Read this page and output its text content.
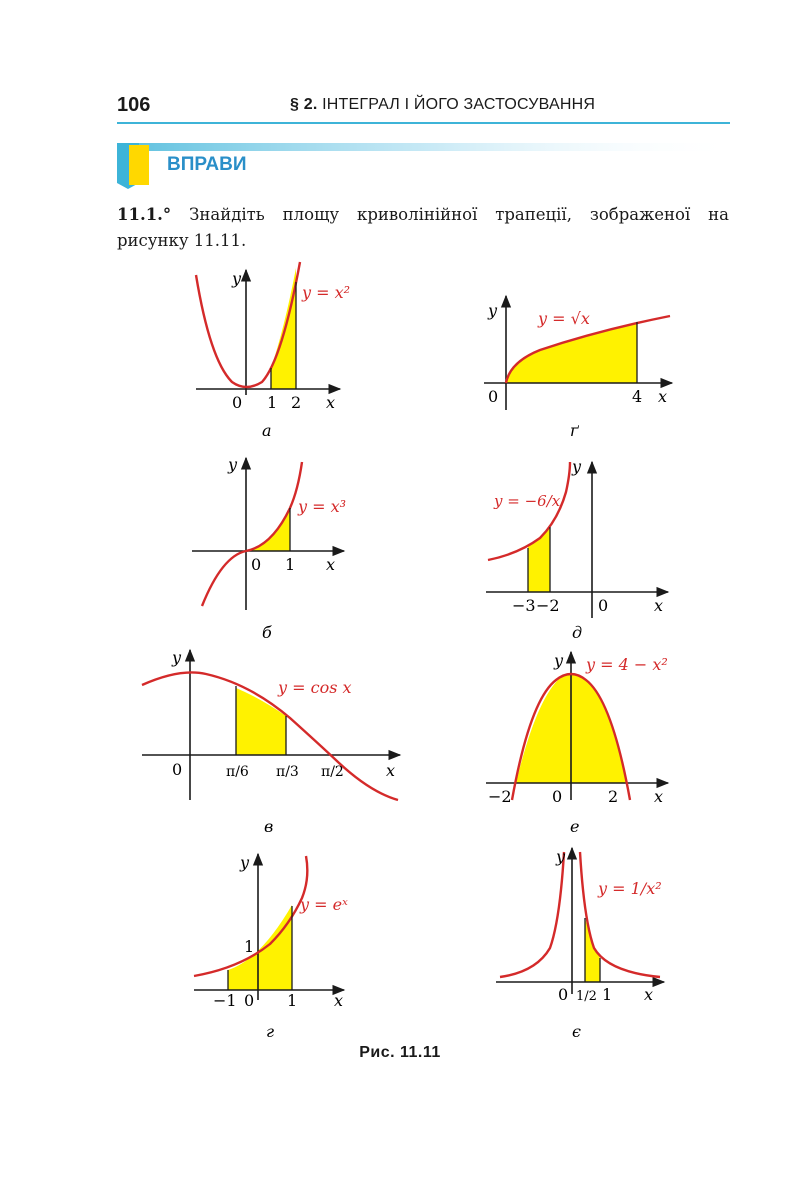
106	§ 2. ІНТЕГРАЛ І ЙОГО ЗАСТОСУВАННЯ
ВПРАВИ
11.1.° Знайдіть площу криволінійної трапеції, зображеної на рисунку 11.11.
y
y = x²
0 1 2 x
а
y
y = x³
0 1 x
б
y
y = cos x
0	π/6 π/3 π/2	x
в
y
y = eˣ
1
−1 0 1 x
г
y	y = √x
0	4 x
ґ
y
y = −6/x
−3 −2 0	x
д
y y = 4 − x²
−2	0	2 x
е
y
y = 1/x²
0 1/2 1 x
є
Рис. 11.11
